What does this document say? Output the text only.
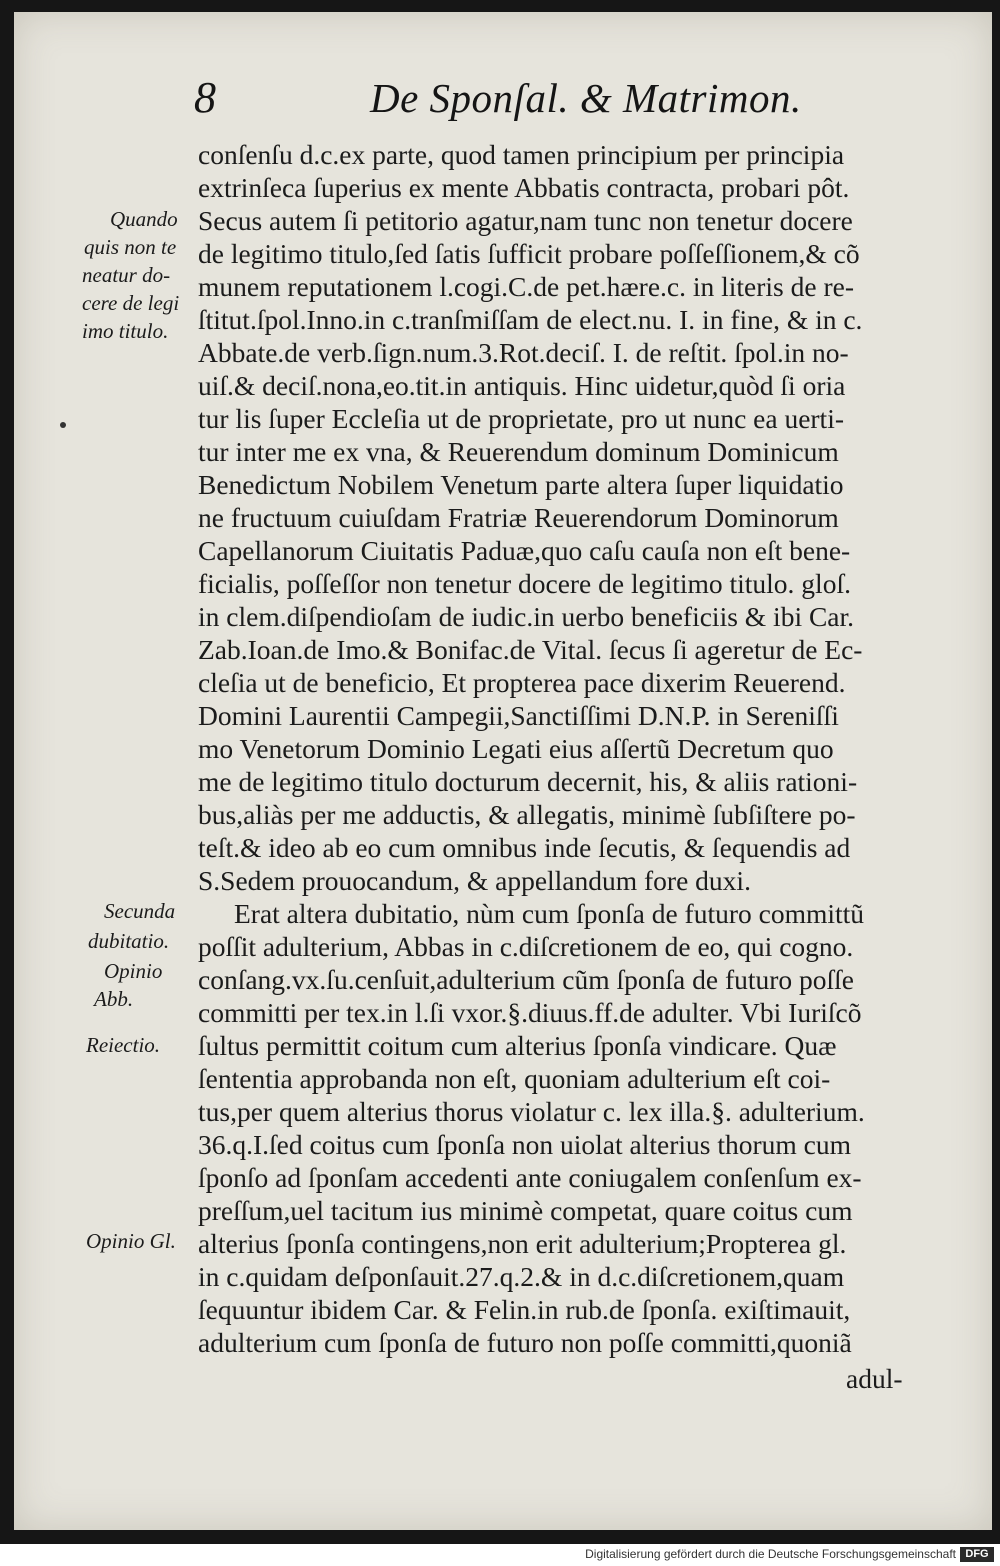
8	De Sponſal. & Matrimon.
conſenſu d.c.ex parte, quod tamen principium per principia
extrinſeca ſuperius ex mente Abbatis contracta, probari pôt.
Secus autem ſi petitorio agatur,nam tunc non tenetur docere
de legitimo titulo,ſed ſatis ſufficit probare poſſeſſionem,& cõ
munem reputationem l.cogi.C.de pet.hære.c. in literis de re-
ſtitut.ſpol.Inno.in c.tranſmiſſam de elect.nu. I. in fine, & in c.
Abbate.de verb.ſign.num.3.Rot.deciſ. I. de reſtit. ſpol.in no-
uiſ.& deciſ.nona,eo.tit.in antiquis. Hinc uidetur,quòd ſi oria
tur lis ſuper Eccleſia ut de proprietate, pro ut nunc ea uerti-
tur inter me ex vna, & Reuerendum dominum Dominicum
Benedictum Nobilem Venetum parte altera ſuper liquidatio
ne fructuum cuiuſdam Fratriæ Reuerendorum Dominorum
Capellanorum Ciuitatis Paduæ,quo caſu cauſa non eſt bene-
ficialis, poſſeſſor non tenetur docere de legitimo titulo. gloſ.
in clem.diſpendioſam de iudic.in uerbo beneficiis & ibi Car.
Zab.Ioan.de Imo.& Bonifac.de Vital. ſecus ſi ageretur de Ec-
cleſia ut de beneficio, Et propterea pace dixerim Reuerend.
Domini Laurentii Campegii,Sanctiſſimi D.N.P. in Sereniſſi
mo Venetorum Dominio Legati eius aſſertũ Decretum quo
me de legitimo titulo docturum decernit, his, & aliis rationi-
bus,aliàs per me adductis, & allegatis, minimè ſubſiſtere po-
teſt.& ideo ab eo cum omnibus inde ſecutis, & ſequendis ad
S.Sedem prouocandum, & appellandum fore duxi.
Erat altera dubitatio, nùm cum ſponſa de futuro committũ
poſſit adulterium, Abbas in c.diſcretionem de eo, qui cogno.
conſang.vx.ſu.cenſuit,adulterium cũm ſponſa de futuro poſſe
committi per tex.in l.ſi vxor.§.diuus.ff.de adulter. Vbi Iuriſcõ
ſultus permittit coitum cum alterius ſponſa vindicare. Quæ
ſententia approbanda non eſt, quoniam adulterium eſt coi-
tus,per quem alterius thorus violatur c. lex illa.§. adulterium.
36.q.I.ſed coitus cum ſponſa non uiolat alterius thorum cum
ſponſo ad ſponſam accedenti ante coniugalem conſenſum ex-
preſſum,uel tacitum ius minimè competat, quare coitus cum
alterius ſponſa contingens,non erit adulterium;Propterea gl.
in c.quidam deſponſauit.27.q.2.& in d.c.diſcretionem,quam
ſequuntur ibidem Car. & Felin.in rub.de ſponſa. exiſtimauit,
adulterium cum ſponſa de futuro non poſſe committi,quoniã
adul-
Quando
quis non te
neatur do-
cere de legi
imo titulo.
Secunda
dubitatio.
Opinio
Abb.
Reiectio.
Opinio Gl.
Digitalisierung gefördert durch die Deutsche Forschungsgemeinschaft DFG
